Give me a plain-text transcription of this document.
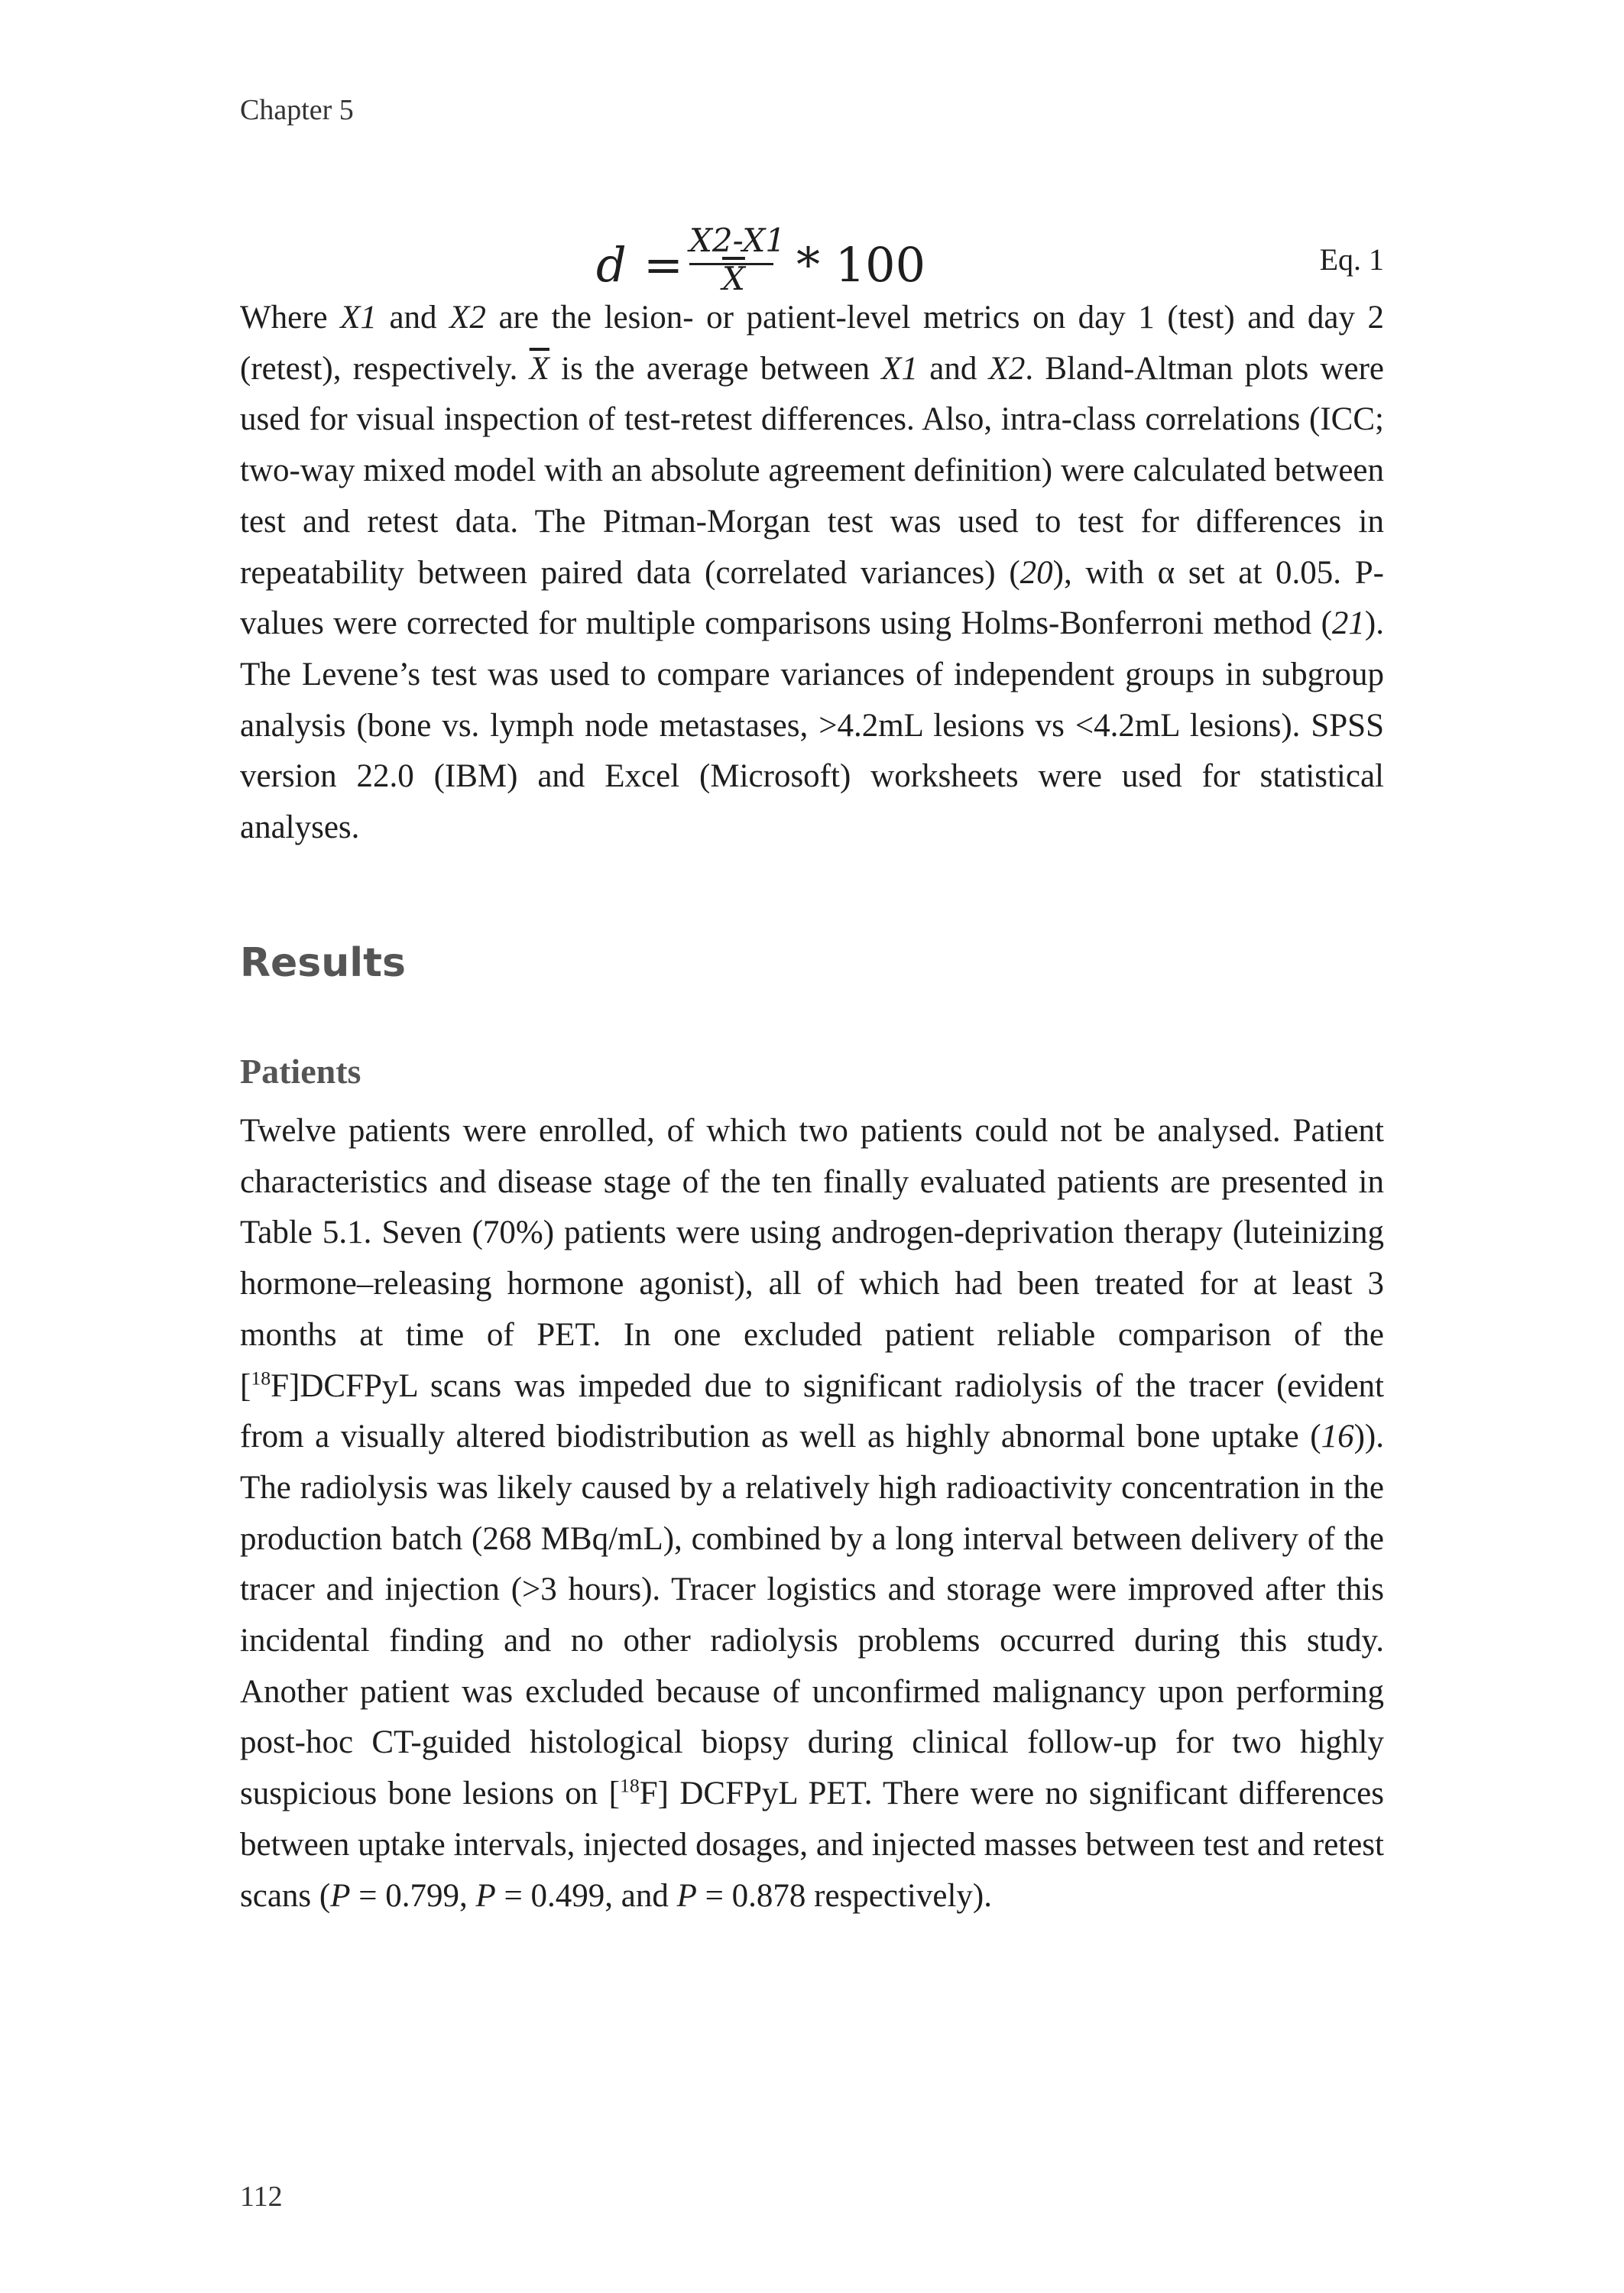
Chapter 5

d = X2-X1
$\overline{X} * 100$	Eq. 1

Where X1 and X2 are the lesion- or patient-level metrics on day 1 (test) and day 2 (retest), respectively. $\overline{X}$ is the average between X1 and X2. Bland-Altman plots were used for visual inspection of test-retest differences. Also, intra-class correlations (ICC; two-way mixed model with an absolute agreement definition) were calculated between test and retest data. The Pitman-Morgan test was used to test for differences in repeatability between paired data (correlated variances) (20), with α set at 0.05. P-values were corrected for multiple comparisons using Holms-Bonferroni method (21). The Levene’s test was used to compare variances of independent groups in subgroup analysis (bone vs. lymph node metastases, >4.2mL lesions vs <4.2mL lesions). SPSS version 22.0 (IBM) and Excel (Microsoft) worksheets were used for statistical analyses.

Results
Patients

Twelve patients were enrolled, of which two patients could not be analysed. Patient characteristics and disease stage of the ten finally evaluated patients are presented in Table 5.1. Seven (70%) patients were using androgen-deprivation therapy (luteinizing hormone–releasing hormone agonist), all of which had been treated for at least 3 months at time of PET. In one excluded patient reliable comparison of the [$^{18}$F]DCFPyL scans was impeded due to significant radiolysis of the tracer (evident from a visually altered biodistribution as well as highly abnormal bone uptake (16)). The radiolysis was likely caused by a relatively high radioactivity concentration in the production batch (268 MBq/mL), combined by a long interval between delivery of the tracer and injection (>3 hours). Tracer logistics and storage were improved after this incidental finding and no other radiolysis problems occurred during this study. Another patient was excluded because of unconfirmed malignancy upon performing post-hoc CT-guided histological biopsy during clinical follow-up for two highly suspicious bone lesions on [$^{18}$F] DCFPyL PET. There were no significant differences between uptake intervals, injected dosages, and injected masses between test and retest scans (P = 0.799, P = 0.499, and P = 0.878 respectively).

112
